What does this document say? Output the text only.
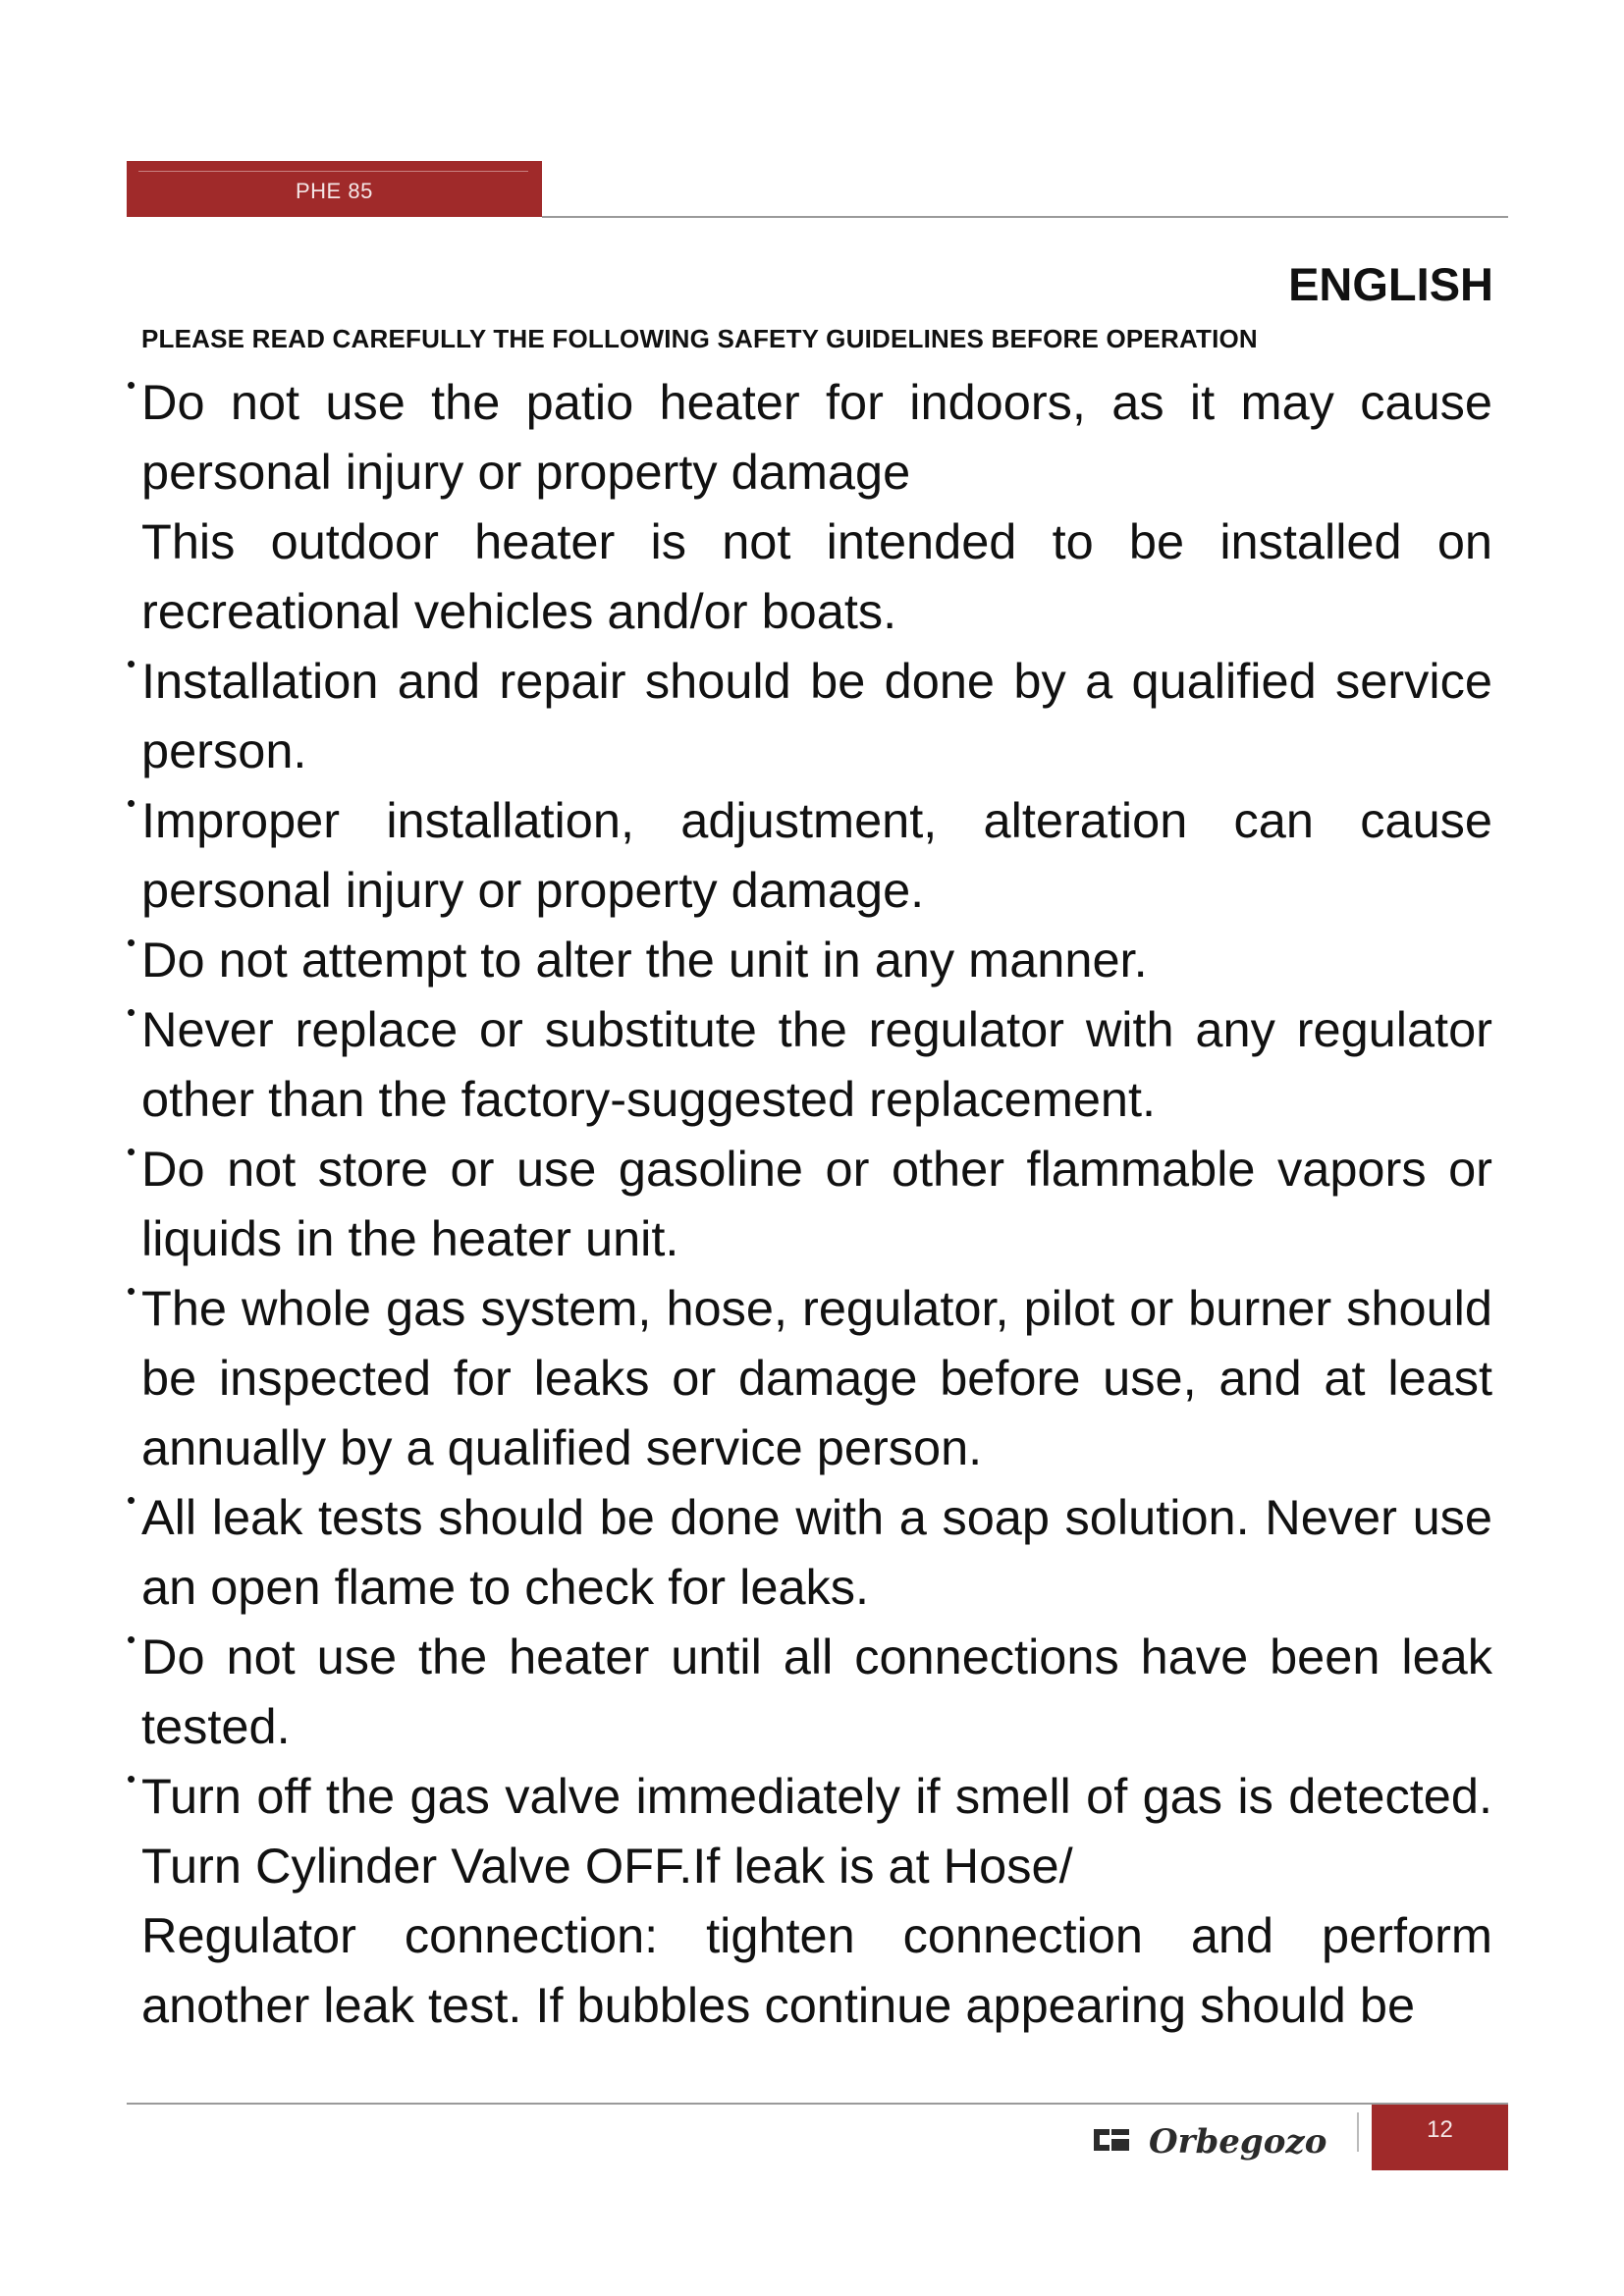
PHE 85
ENGLISH
PLEASE READ CAREFULLY THE FOLLOWING SAFETY GUIDELINES BEFORE OPERATION

• Do not use the patio heater for indoors, as it may cause personal injury or property damage

This outdoor heater is not intended to be installed on recreational vehicles and/or boats.

• Installation and repair should be done by a qualified service person.

• Improper installation, adjustment, alteration can cause personal injury or property damage.

• Do not attempt to alter the unit in any manner.

• Never replace or substitute the regulator with any regulator other than the factory-suggested replacement.

• Do not store or use gasoline or other flammable vapors or liquids in the heater unit.

• The whole gas system, hose, regulator, pilot or burner should be inspected for leaks or damage before use, and at least annually by a qualified service person.

• All leak tests should be done with a soap solution. Never use an open flame to check for leaks.

• Do not use the heater until all connections have been leak tested.

• Turn off the gas valve immediately if smell of gas is detected. Turn Cylinder Valve OFF.If leak is at Hose/

Regulator connection: tighten connection and perform another leak test. If bubbles continue appearing should be

Orbegozo	12
